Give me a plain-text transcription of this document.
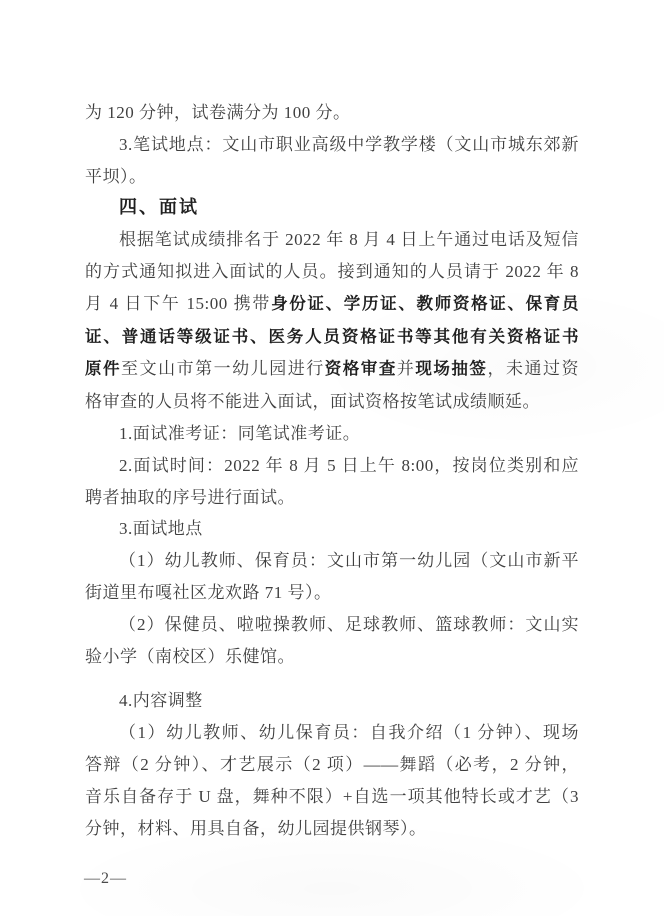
为 120 分钟，试卷满分为 100 分。
3.笔试地点：文山市职业高级中学教学楼（文山市城东郊新
平坝）。
四、面试
根据笔试成绩排名于 2022 年 8 月 4 日上午通过电话及短信
的方式通知拟进入面试的人员。接到通知的人员请于 2022 年 8
月 4 日下午 15:00 携带身份证、学历证、教师资格证、保育员
证、普通话等级证书、医务人员资格证书等其他有关资格证书
原件至文山市第一幼儿园进行资格审查并现场抽签，未通过资
格审查的人员将不能进入面试，面试资格按笔试成绩顺延。
1.面试准考证：同笔试准考证。
2.面试时间：2022 年 8 月 5 日上午 8:00，按岗位类别和应
聘者抽取的序号进行面试。
3.面试地点
（1）幼儿教师、保育员：文山市第一幼儿园（文山市新平
街道里布嘎社区龙欢路 71 号）。
（2）保健员、啦啦操教师、足球教师、篮球教师：文山实
验小学（南校区）乐健馆。
4.内容调整
（1）幼儿教师、幼儿保育员：自我介绍（1 分钟）、现场
答辩（2 分钟）、才艺展示（2 项）——舞蹈（必考，2 分钟，
音乐自备存于 U 盘，舞种不限）+自选一项其他特长或才艺（3
分钟，材料、用具自备，幼儿园提供钢琴）。
—2—
